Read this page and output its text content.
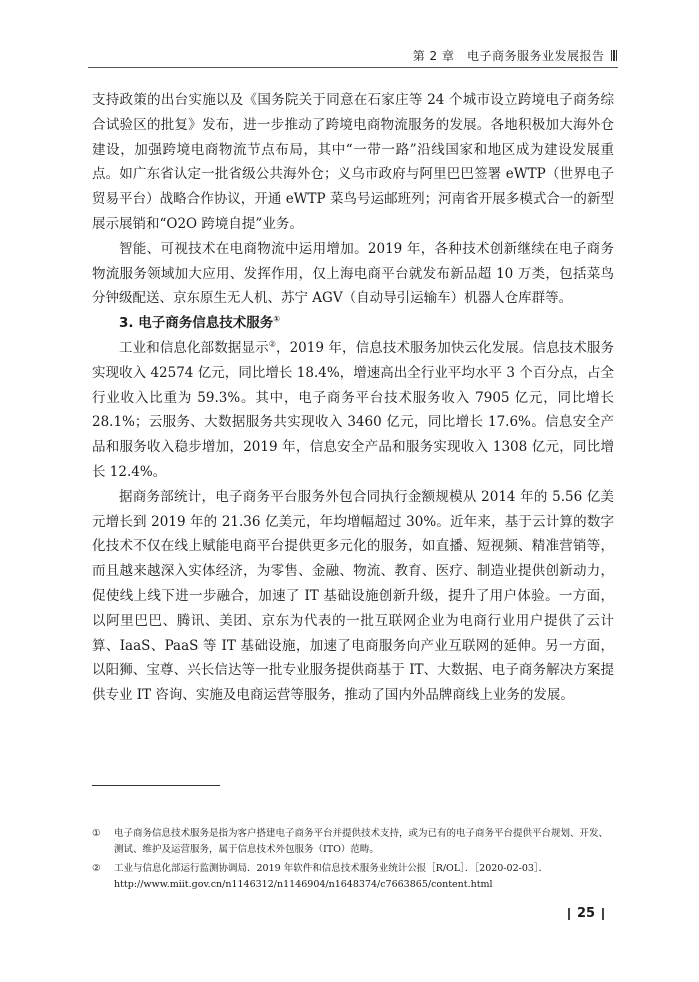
第 2 章　电子商务服务业发展报告

支持政策的出台实施以及《国务院关于同意在石家庄等 24 个城市设立跨境电子商务综合试验区的批复》发布，进一步推动了跨境电商物流服务的发展。各地积极加大海外仓建设，加强跨境电商物流节点布局，其中“一带一路”沿线国家和地区成为建设发展重点。如广东省认定一批省级公共海外仓；义乌市政府与阿里巴巴签署 eWTP（世界电子贸易平台）战略合作协议，开通 eWTP 菜鸟号运邮班列；河南省开展多模式合一的新型展示展销和“O2O 跨境自提”业务。

智能、可视技术在电商物流中运用增加。2019 年，各种技术创新继续在电子商务物流服务领域加大应用、发挥作用，仅上海电商平台就发布新品超 10 万类，包括菜鸟分钟级配送、京东原生无人机、苏宁 AGV（自动导引运输车）机器人仓库群等。

3. 电子商务信息技术服务①

工业和信息化部数据显示②，2019 年，信息技术服务加快云化发展。信息技术服务实现收入 42574 亿元，同比增长 18.4%，增速高出全行业平均水平 3 个百分点，占全行业收入比重为 59.3%。其中，电子商务平台技术服务收入 7905 亿元，同比增长 28.1%；云服务、大数据服务共实现收入 3460 亿元，同比增长 17.6%。信息安全产品和服务收入稳步增加，2019 年，信息安全产品和服务实现收入 1308 亿元，同比增长 12.4%。

据商务部统计，电子商务平台服务外包合同执行金额规模从 2014 年的 5.56 亿美元增长到 2019 年的 21.36 亿美元，年均增幅超过 30%。近年来，基于云计算的数字化技术不仅在线上赋能电商平台提供更多元化的服务，如直播、短视频、精准营销等，而且越来越深入实体经济，为零售、金融、物流、教育、医疗、制造业提供创新动力，促使线上线下进一步融合，加速了 IT 基础设施创新升级，提升了用户体验。一方面，以阿里巴巴、腾讯、美团、京东为代表的一批互联网企业为电商行业用户提供了云计算、IaaS、PaaS 等 IT 基础设施，加速了电商服务向产业互联网的延伸。另一方面，以阳狮、宝尊、兴长信达等一批专业服务提供商基于 IT、大数据、电子商务解决方案提供专业 IT 咨询、实施及电商运营等服务，推动了国内外品牌商线上业务的发展。

①	电子商务信息技术服务是指为客户搭建电子商务平台并提供技术支持，或为已有的电子商务平台提供平台规划、开发、测试、维护及运营服务，属于信息技术外包服务（ITO）范畴。
②	工业与信息化部运行监测协调局．2019 年软件和信息技术服务业统计公报［R/OL］．［2020-02-03］．http://www.miit.gov.cn/n1146312/n1146904/n1648374/c7663865/content.html
25
